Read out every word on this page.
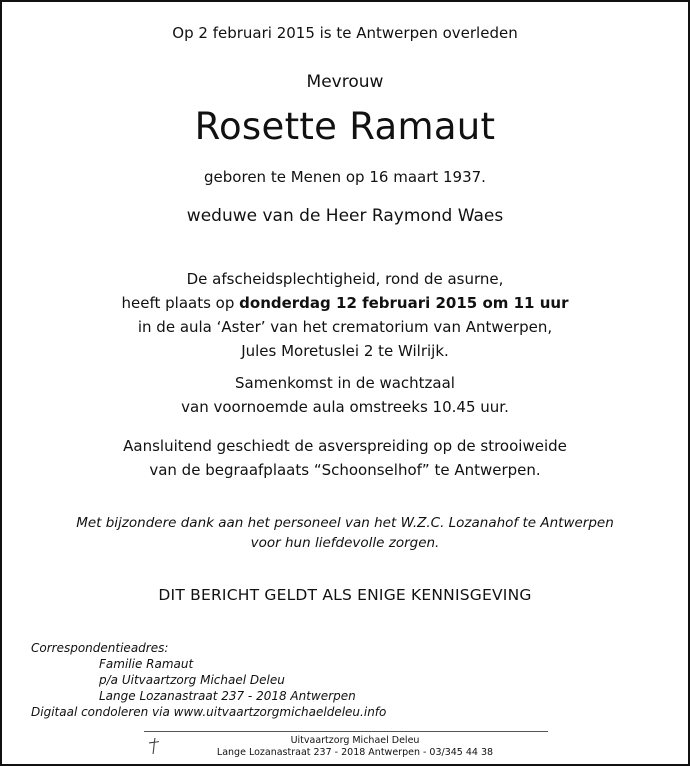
Op 2 februari 2015 is te Antwerpen overleden
Mevrouw
Rosette Ramaut
geboren te Menen op 16 maart 1937.
weduwe van de Heer Raymond Waes
De afscheidsplechtigheid, rond de asurne,
heeft plaats op donderdag 12 februari 2015 om 11 uur
in de aula ‘Aster’ van het crematorium van Antwerpen,
Jules Moretuslei 2 te Wilrijk.
Samenkomst in de wachtzaal
van voornoemde aula omstreeks 10.45 uur.
Aansluitend geschiedt de asverspreiding op de strooiweide
van de begraafplaats “Schoonselhof” te Antwerpen.
Met bijzondere dank aan het personeel van het W.Z.C. Lozanahof te Antwerpen
voor hun liefdevolle zorgen.
DIT BERICHT GELDT ALS ENIGE KENNISGEVING
Correspondentieadres:
Familie Ramaut
p/a Uitvaartzorg Michael Deleu
Lange Lozanastraat 237 - 2018 Antwerpen
Digitaal condoleren via www.uitvaartzorgmichaeldeleu.info
Uitvaartzorg Michael Deleu
Lange Lozanastraat 237 - 2018 Antwerpen - 03/345 44 38
